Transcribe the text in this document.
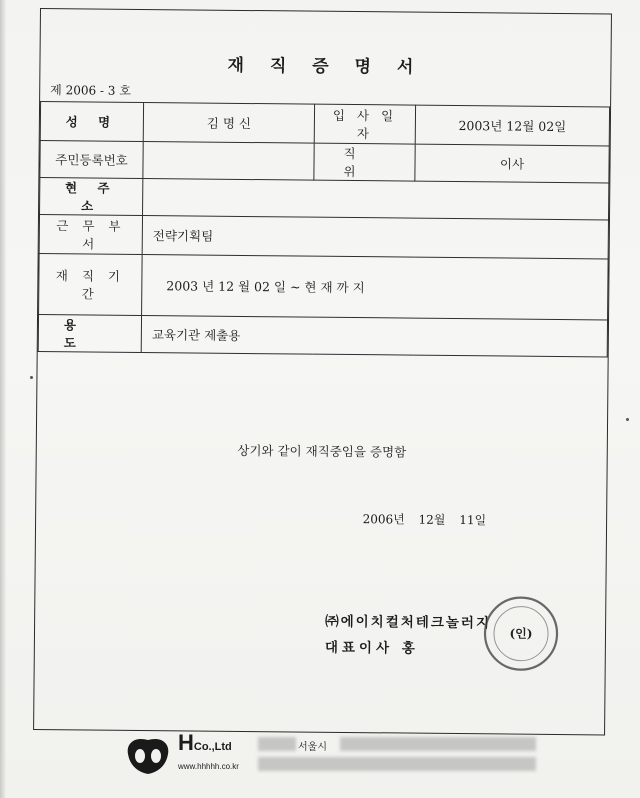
재 직 증 명 서
제 2006 - 3 호
성 명	김 명 신	입 사 일 자	2003년 12월 02일
주민등록번호		직 위	이사
현 주 소			
근 무 부 서	전략기획팀		
재 직 기 간	2003 년 12 월 02 일 ~ 현 재 까 지		
용 도	교육기관 제출용		
상기와 같이 재직중임을 증명함
2006년 12월 11일
㈜에이치컬처테크놀러지
대표이사 홍
(인)
HCo.,Ltd
www.hhhhh.co.kr
서울시
